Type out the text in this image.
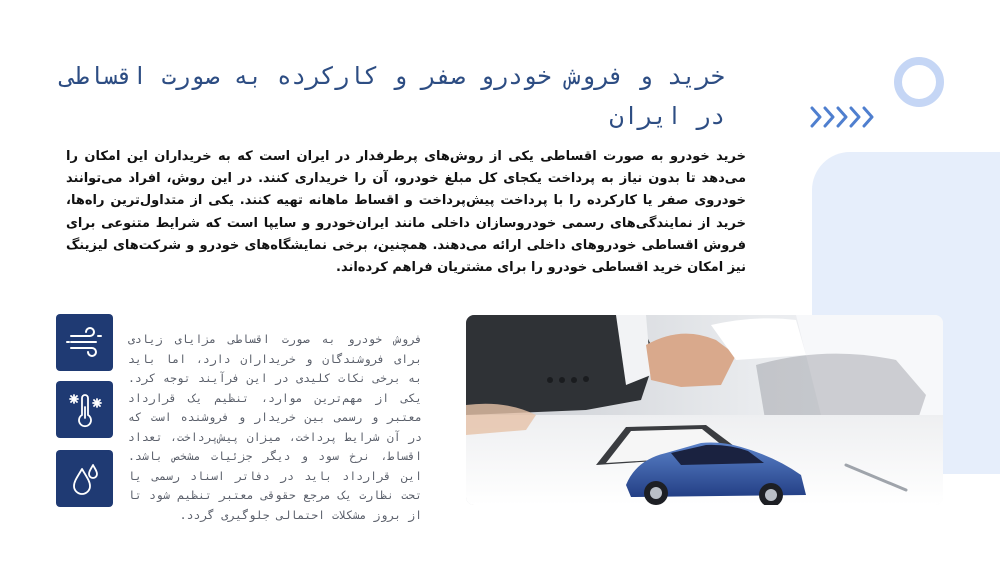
خرید و فروش خودرو صفر و کارکرده به صورت اقساطی در ایران

خرید خودرو به صورت اقساطی یکی از روش‌های پرطرفدار در ایران است که به خریداران این امکان را می‌دهد تا بدون نیاز به پرداخت یکجای کل مبلغ خودرو، آن را خریداری کنند. در این روش، افراد می‌توانند خودروی صفر یا کارکرده را با پرداخت پیش‌پرداخت و اقساط ماهانه تهیه کنند. یکی از متداول‌ترین راه‌ها، خرید از نمایندگی‌های رسمی خودروسازان داخلی مانند ایران‌خودرو و سایپا است که شرایط متنوعی برای فروش اقساطی خودروهای داخلی ارائه می‌دهند. همچنین، برخی نمایشگاه‌های خودرو و شرکت‌های لیزینگ نیز امکان خرید اقساطی خودرو را برای مشتریان فراهم کرده‌اند.

فروش خودرو به صورت اقساطی مزایای زیادی برای فروشندگان و خریداران دارد، اما باید به برخی نکات کلیدی در این فرآیند توجه کرد. یکی از مهم‌ترین موارد، تنظیم یک قرارداد معتبر و رسمی بین خریدار و فروشنده است که در آن شرایط پرداخت، میزان پیش‌پرداخت، تعداد اقساط، نرخ سود و دیگر جزئیات مشخص باشد. این قرارداد باید در دفاتر اسناد رسمی یا تحت نظارت یک مرجع حقوقی معتبر تنظیم شود تا از بروز مشکلات احتمالی جلوگیری گردد.
